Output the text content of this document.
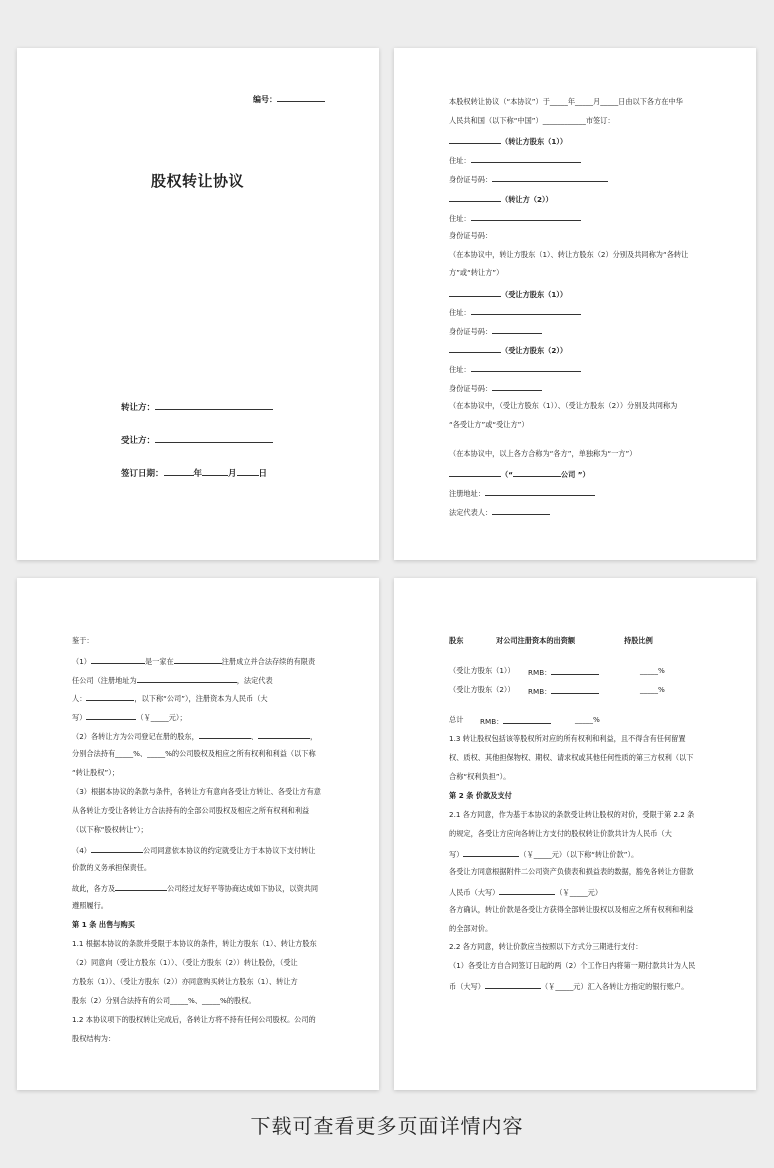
编号：
股权转让协议
转让方：
受让方：
签订日期：	年	月	日
本股权转让协议（“本协议”）于_____年_____月_____日由以下各方在中华
人民共和国（以下称“中国”）____________市签订：
（转让方股东（1））
住址：
身份证号码：
（转让方（2））
住址：
身份证号码：
（在本协议中，转让方股东（1）、转让方股东（2）分别及共同称为“各转让
方”或“转让方”）
（受让方股东（1））
住址：
身份证号码：
（受让方股东（2））
住址：
身份证号码：
（在本协议中，（受让方股东（1））、（受让方股东（2））分别及共同称为
“各受让方”或“受让方”）
（在本协议中，以上各方合称为“各方”，单独称为“一方”）
（“	公司 ”）
注册地址：
法定代表人：
鉴于：
（1）	是一家在	注册成立并合法存续的有限责
任公司（注册地址为	，法定代表
人：	，以下称“公司”），注册资本为人民币（大
写）	（￥_____元）；
（2）各转让方为公司登记在册的股东，	、	，
分别合法持有_____%、_____%的公司股权及相应之所有权利和利益（以下称
“转让股权”）；
（3）根据本协议的条款与条件，各转让方有意向各受让方转让、各受让方有意
从各转让方受让各转让方合法持有的全部公司股权及相应之所有权利和利益
（以下称“股权转让”）；
（4）	公司同意依本协议的约定就受让方于本协议下支付转让
价款的义务承担保责任。
故此，各方及	公司经过友好平等协商达成如下协议，以资共同
遵照履行。
第 1 条 出售与购买
1.1 根据本协议的条款并受限于本协议的条件，转让方股东（1）、转让方股东
（2）同意向（受让方股东（1））、（受让方股东（2））转让股份，（受让
方股东（1））、（受让方股东（2））亦同意购买转让方股东（1）、转让方
股东（2）分别合法持有的公司_____%、_____%的股权。
1.2 本协议项下的股权转让完成后，各转让方将不持有任何公司股权。公司的
股权结构为：
股东	对公司注册资本的出资额	持股比例
（受让方股东（1）） RMB：	_____%
（受让方股东（2）） RMB：	_____%
总计 RMB：	_____%
1.3 转让股权包括该等股权所对应的所有权利和利益，且不得含有任何留置
权、质权、其他担保物权、期权、请求权或其他任何性质的第三方权利（以下
合称“权利负担”）。
第 2 条 价款及支付
2.1 各方同意，作为基于本协议的条款受让转让股权的对价，受限于第 2.2 条
的规定，各受让方应向各转让方支付的股权转让价款共计为人民币（大
写）	（￥_____元）（以下称“转让价款”）。
各受让方同意根据附件二公司资产负债表和损益表的数据，豁免各转让方借款
人民币（大写）	（￥_____元）
各方确认，转让价款是各受让方获得全部转让股权以及相应之所有权利和利益
的全部对价。
2.2 各方同意，转让价款应当按照以下方式分三期进行支付：
（1）各受让方自合同签订日起的两（2）个工作日内将第一期付款共计为人民
币（大写）	（￥_____元）汇入各转让方指定的银行账户。
下载可查看更多页面详情内容
